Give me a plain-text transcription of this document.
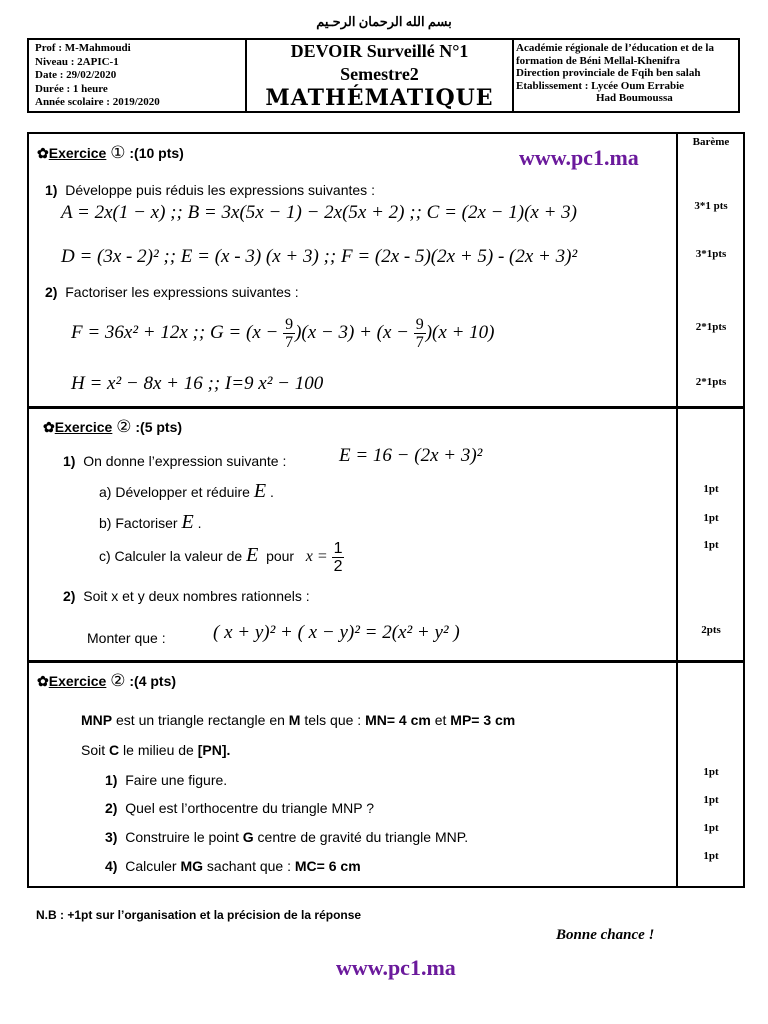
بسم الله الرحمان الرحـيم
Prof : M-Mahmoudi
Niveau : 2APIC-1
Date : 29/02/2020
Durée : 1 heure
Année scolaire : 2019/2020
DEVOIR Surveillé N°1
Semestre2
MATHÉMATIQUE
Académie régionale de l’éducation et de la
formation de Béni Mellal-Khenifra
Direction provinciale de Fqih ben salah
Etablissement : Lycée Oum Errabie
Had Boumoussa
Barème
✿Exercice ① :(10 pts)	www.pc1.ma
1) Développe puis réduis les expressions suivantes :
A = 2x(1 − x) ;; B = 3x(5x − 1) − 2x(5x + 2) ;; C = (2x − 1)(x + 3)
D = (3x - 2)² ;; E = (x - 3) (x + 3) ;; F = (2x - 5)(2x + 5) - (2x + 3)²
2) Factoriser les expressions suivantes :
F = 36x² + 12x ;; $G = (x - \frac{9}{7} )(x - 3) + (x - \frac{9}{7} )(x + 10)$
H = x² − 8x + 16 ;; I=9 x² − 100
3*1 pts
3*1pts
2*1pts
2*1pts
✿Exercice ② :(5 pts)
1) On donne l’expression suivante :	E = 16 − (2x + 3)²
a) Développer et réduire E .
b) Factoriser E .
c) Calculer la valeur de E pour $x = \frac{1}{2}$
2) Soit x et y deux nombres rationnels :
Monter que : ( x + y)² + ( x − y)² = 2(x² + y² )
1pt
1pt
1pt
2pts
✿Exercice ② :(4 pts)
MNP est un triangle rectangle en M tels que : MN= 4 cm et MP= 3 cm
Soit C le milieu de [PN].
1) Faire une figure.
2)  Quel est l’orthocentre du triangle MNP ?
3) Construire le point G centre de gravité du triangle MNP.
4) Calculer MG sachant que : MC= 6 cm
1pt
1pt
1pt
1pt
N.B : +1pt sur l’organisation et la précision de la réponse
Bonne chance !
www.pc1.ma
